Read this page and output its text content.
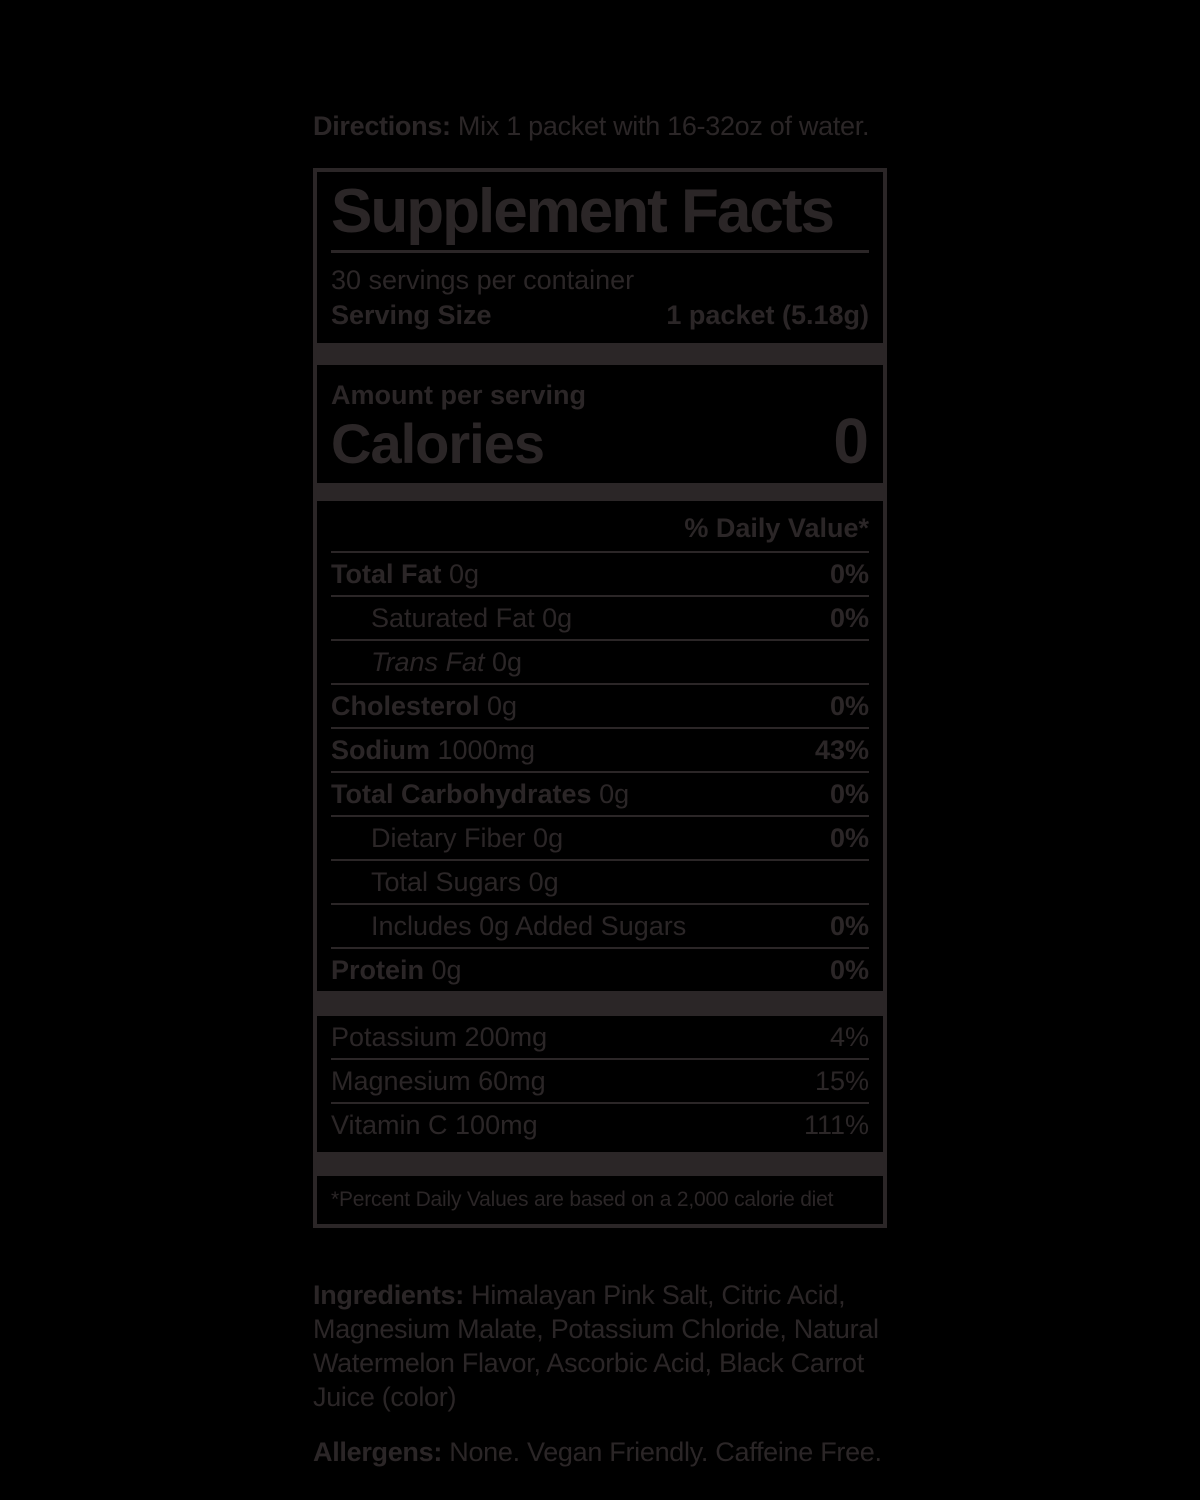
Directions: Mix 1 packet with 16-32oz of water.
Supplement Facts
30 servings per container
Serving Size	1 packet (5.18g)
Amount per serving
Calories	0
% Daily Value*
Total Fat 0g	0%
Saturated Fat 0g	0%
Trans Fat 0g
Cholesterol 0g	0%
Sodium 1000mg	43%
Total Carbohydrates 0g	0%
Dietary Fiber 0g	0%
Total Sugars 0g
Includes 0g Added Sugars	0%
Protein 0g	0%
Potassium 200mg	4%
Magnesium 60mg	15%
Vitamin C 100mg	111%
*Percent Daily Values are based on a 2,000 calorie diet
Ingredients: Himalayan Pink Salt, Citric Acid, Magnesium Malate, Potassium Chloride, Natural Watermelon Flavor, Ascorbic Acid, Black Carrot Juice (color)
Allergens: None. Vegan Friendly. Caffeine Free.
